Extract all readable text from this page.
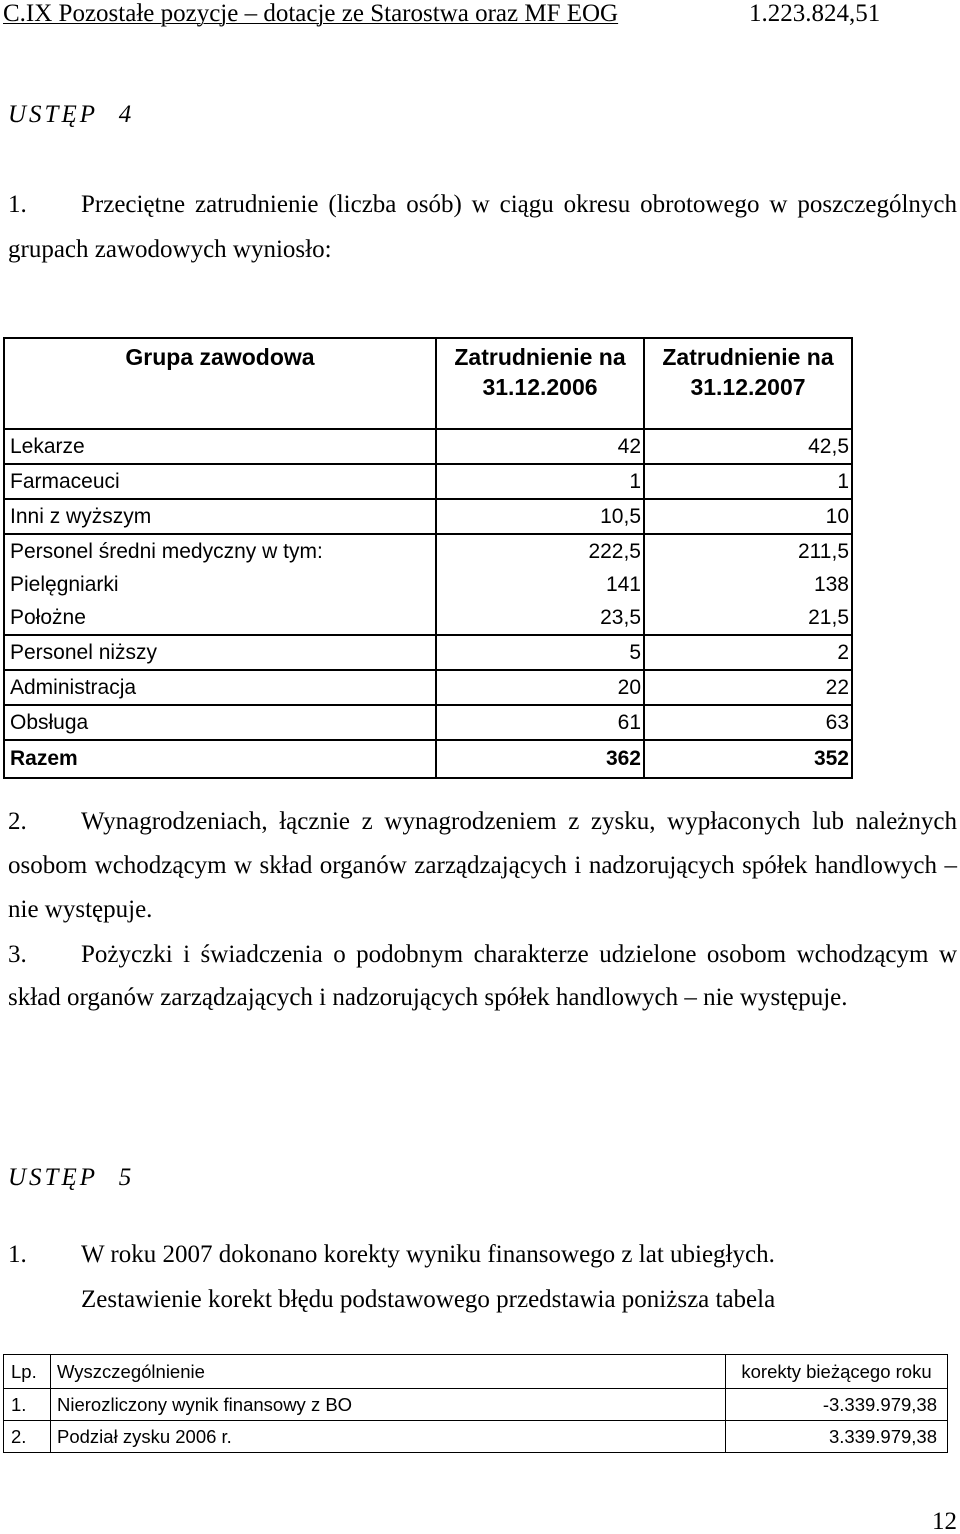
C.IX Pozostałe pozycje – dotacje ze Starostwa oraz MF EOG	1.223.824,51
USTĘP 4
1. Przeciętne zatrudnienie (liczba osób) w ciągu okresu obrotowego w poszczególnych
grupach zawodowych wyniosło:
Grupa zawodowa	Zatrudnienie na 31.12.2006	Zatrudnienie na 31.12.2007
Lekarze	42	42,5
Farmaceuci	1	1
Inni z wyższym	10,5	10
Personel średni medyczny w tym:	222,5	211,5
Pielęgniarki	141	138
Położne	23,5	21,5
Personel niższy	5	2
Administracja	20	22
Obsługa	61	63
Razem	362	352
2. Wynagrodzeniach, łącznie z wynagrodzeniem z zysku, wypłaconych lub należnych
osobom wchodzącym w skład organów zarządzających i nadzorujących spółek handlowych –
nie występuje.
3. Pożyczki i świadczenia o podobnym charakterze udzielone osobom wchodzącym w
skład organów zarządzających i nadzorujących spółek handlowych – nie występuje.
USTĘP 5
1. W roku 2007 dokonano korekty wyniku finansowego z lat ubiegłych.
Zestawienie korekt błędu podstawowego przedstawia poniższa tabela
Lp.	Wyszczególnienie	korekty bieżącego roku
1.	Nierozliczony wynik finansowy z BO	-3.339.979,38
2.	Podział zysku 2006 r.	3.339.979,38
12
